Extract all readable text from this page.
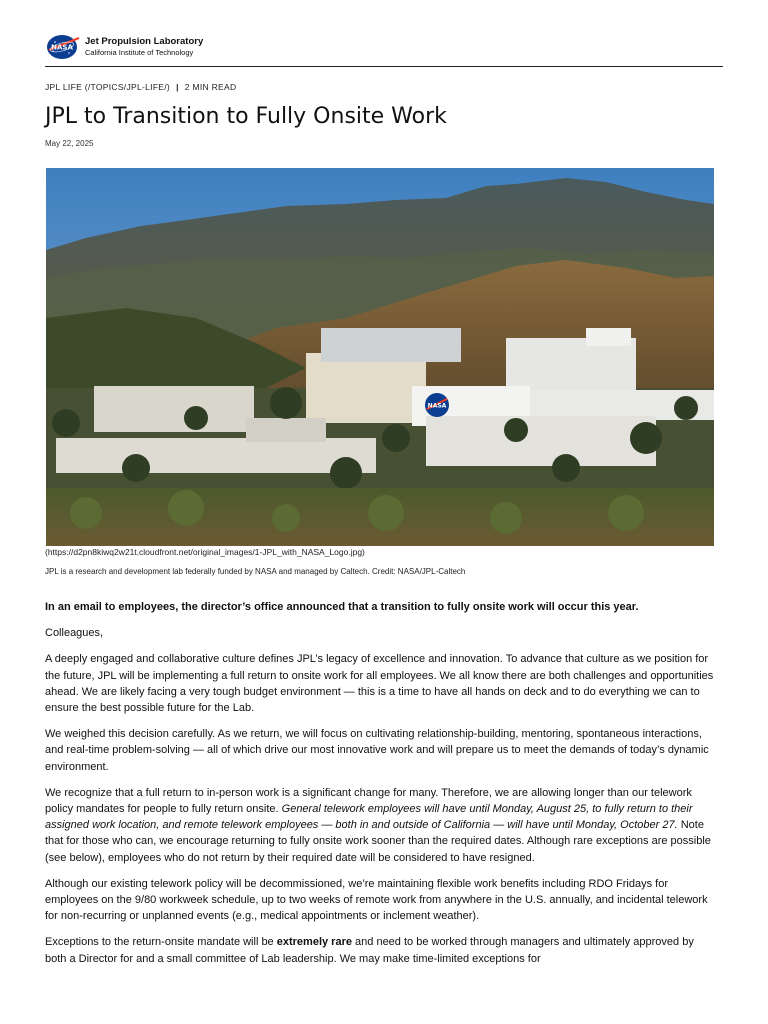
NASA
Jet Propulsion Laboratory
California Institute of Technology
JPL LIFE (/TOPICS/JPL-LIFE/) | 2 MIN READ
JPL to Transition to Fully Onsite Work
May 22, 2025
NASA
(https://d2pn8kiwq2w21t.cloudfront.net/original_images/1-JPL_with_NASA_Logo.jpg)
JPL is a research and development lab federally funded by NASA and managed by Caltech. Credit: NASA/JPL-Caltech

In an email to employees, the director’s office announced that a transition to fully onsite work will occur this year.

Colleagues,

A deeply engaged and collaborative culture defines JPL’s legacy of excellence and innovation. To advance that culture as we position for the future, JPL will be implementing a full return to onsite work for all employees. We all know there are both challenges and opportunities ahead. We are likely facing a very tough budget environment — this is a time to have all hands on deck and to do everything we can to ensure the best possible future for the Lab.

We weighed this decision carefully. As we return, we will focus on cultivating relationship-building, mentoring, spontaneous interactions, and real-time problem-solving — all of which drive our most innovative work and will prepare us to meet the demands of today’s dynamic environment.

We recognize that a full return to in-person work is a significant change for many. Therefore, we are allowing longer than our telework policy mandates for people to fully return onsite. General telework employees will have until Monday, August 25, to fully return to their assigned work location, and remote telework employees — both in and outside of California — will have until Monday, October 27. Note that for those who can, we encourage returning to fully onsite work sooner than the required dates. Although rare exceptions are possible (see below), employees who do not return by their required date will be considered to have resigned.

Although our existing telework policy will be decommissioned, we’re maintaining flexible work benefits including RDO Fridays for employees on the 9/80 workweek schedule, up to two weeks of remote work from anywhere in the U.S. annually, and incidental telework for non-recurring or unplanned events (e.g., medical appointments or inclement weather).

Exceptions to the return-onsite mandate will be extremely rare and need to be worked through managers and ultimately approved by both a Director for and a small committee of Lab leadership. We may make time-limited exceptions for
